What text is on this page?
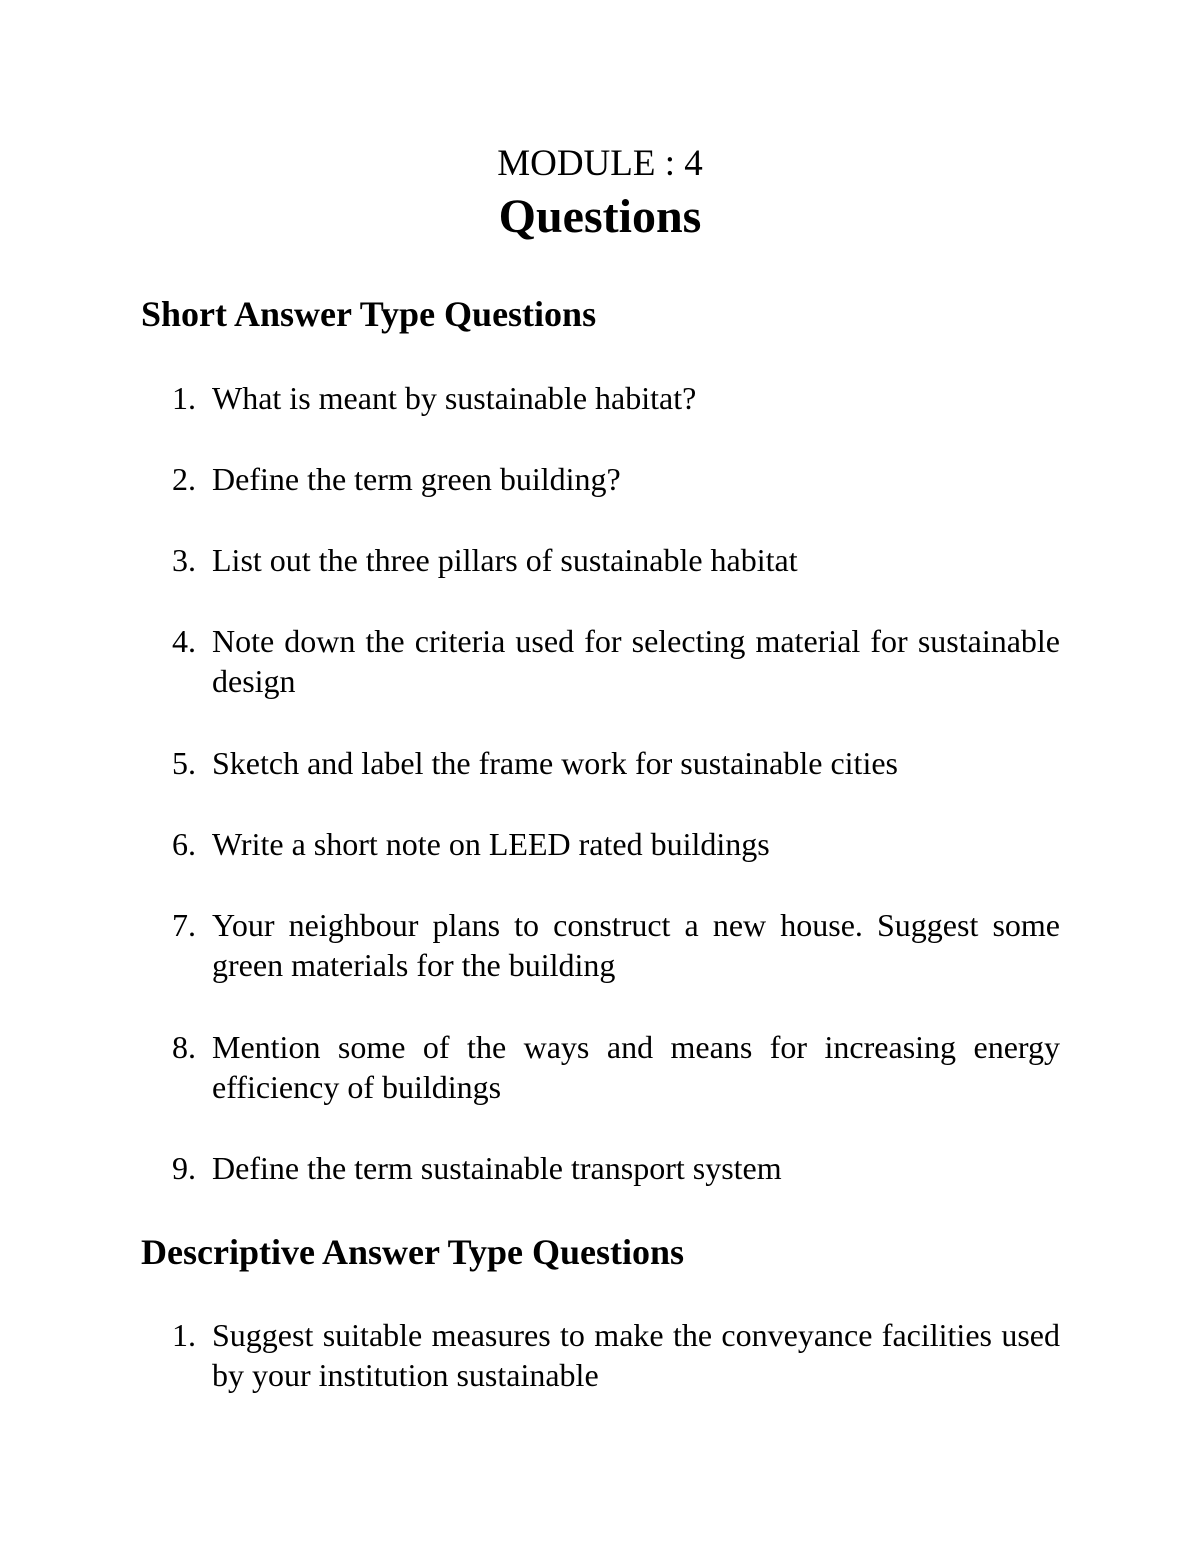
MODULE : 4
Questions
Short Answer Type Questions
1. What is meant by sustainable habitat?
2. Define the term green building?
3. List out the three pillars of sustainable habitat
4. Note down the criteria used for selecting material for sustainable design
5. Sketch and label the frame work for sustainable cities
6. Write a short note on LEED rated buildings
7. Your neighbour plans to construct a new house. Suggest some green materials for the building
8. Mention some of the ways and means for increasing energy efficiency of buildings
9. Define the term sustainable transport system
Descriptive Answer Type Questions
1. Suggest suitable measures to make the conveyance facilities used by your institution sustainable
